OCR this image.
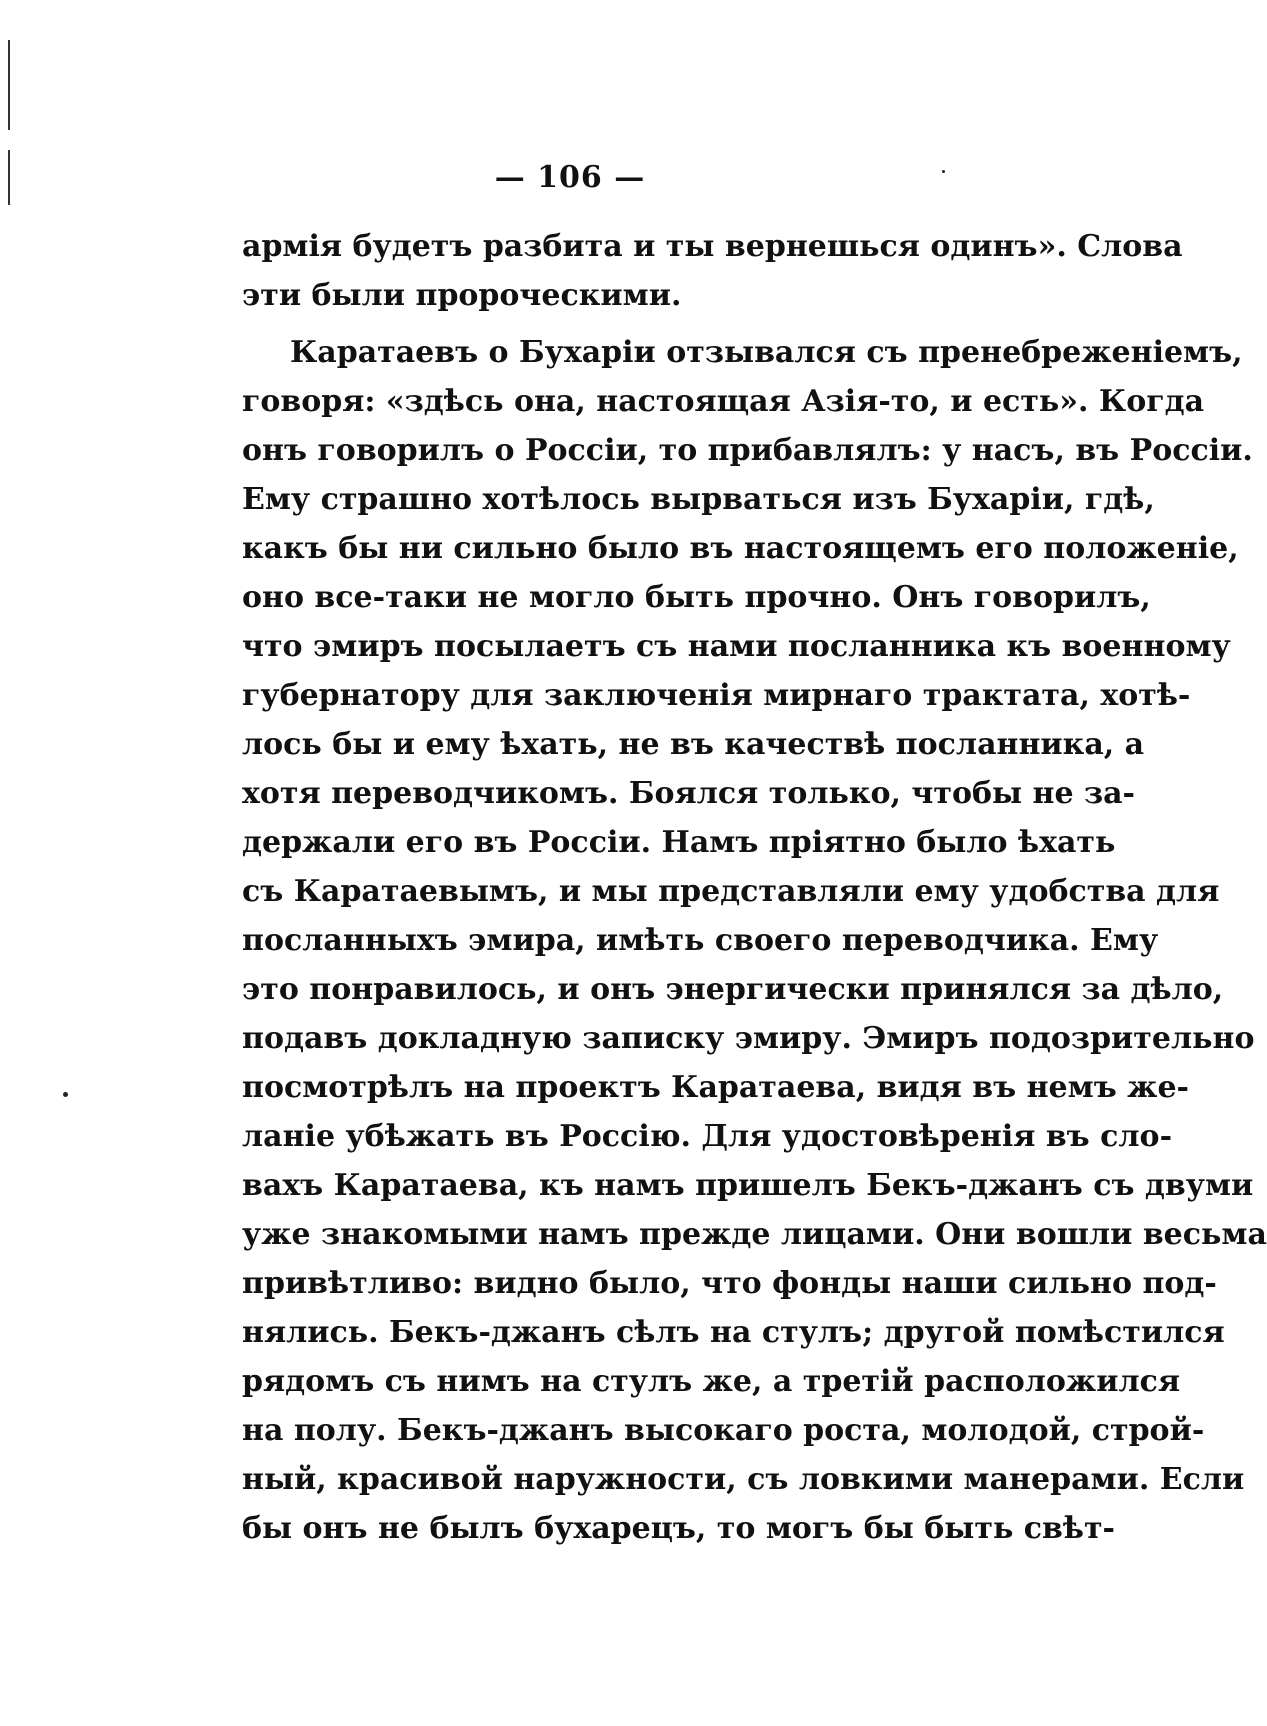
— 106 —
армія будетъ разбита и ты вернешься одинъ». Слова
эти были пророческими.
Каратаевъ о Бухаріи отзывался съ пренебреженіемъ,
говоря: «здѣсь она, настоящая Азія-то, и есть». Когда
онъ говорилъ о Россіи, то прибавлялъ: у насъ, въ Россіи.
Ему страшно хотѣлось вырваться изъ Бухаріи, гдѣ,
какъ бы ни сильно было въ настоящемъ его положеніе,
оно все-таки не могло быть прочно. Онъ говорилъ,
что эмиръ посылаетъ съ нами посланника къ военному
губернатору для заключенія мирнаго трактата, хотѣ-
лось бы и ему ѣхать, не въ качествѣ посланника, а
хотя переводчикомъ. Боялся только, чтобы не за-
держали его въ Россіи. Намъ пріятно было ѣхать
съ Каратаевымъ, и мы представляли ему удобства для
посланныхъ эмира, имѣть своего переводчика. Ему
это понравилось, и онъ энергически принялся за дѣло,
подавъ докладную записку эмиру. Эмиръ подозрительно
посмотрѣлъ на проектъ Каратаева, видя въ немъ же-
ланіе убѣжать въ Россію. Для удостовѣренія въ сло-
вахъ Каратаева, къ намъ пришелъ Бекъ-джанъ съ двуми
уже знакомыми намъ прежде лицами. Они вошли весьма
привѣтливо: видно было, что фонды наши сильно под-
нялись. Бекъ-джанъ сѣлъ на стулъ; другой помѣстился
рядомъ съ нимъ на стулъ же, а третій расположился
на полу. Бекъ-джанъ высокаго роста, молодой, строй-
ный, красивой наружности, съ ловкими манерами. Если
бы онъ не былъ бухарецъ, то могъ бы быть свѣт-
